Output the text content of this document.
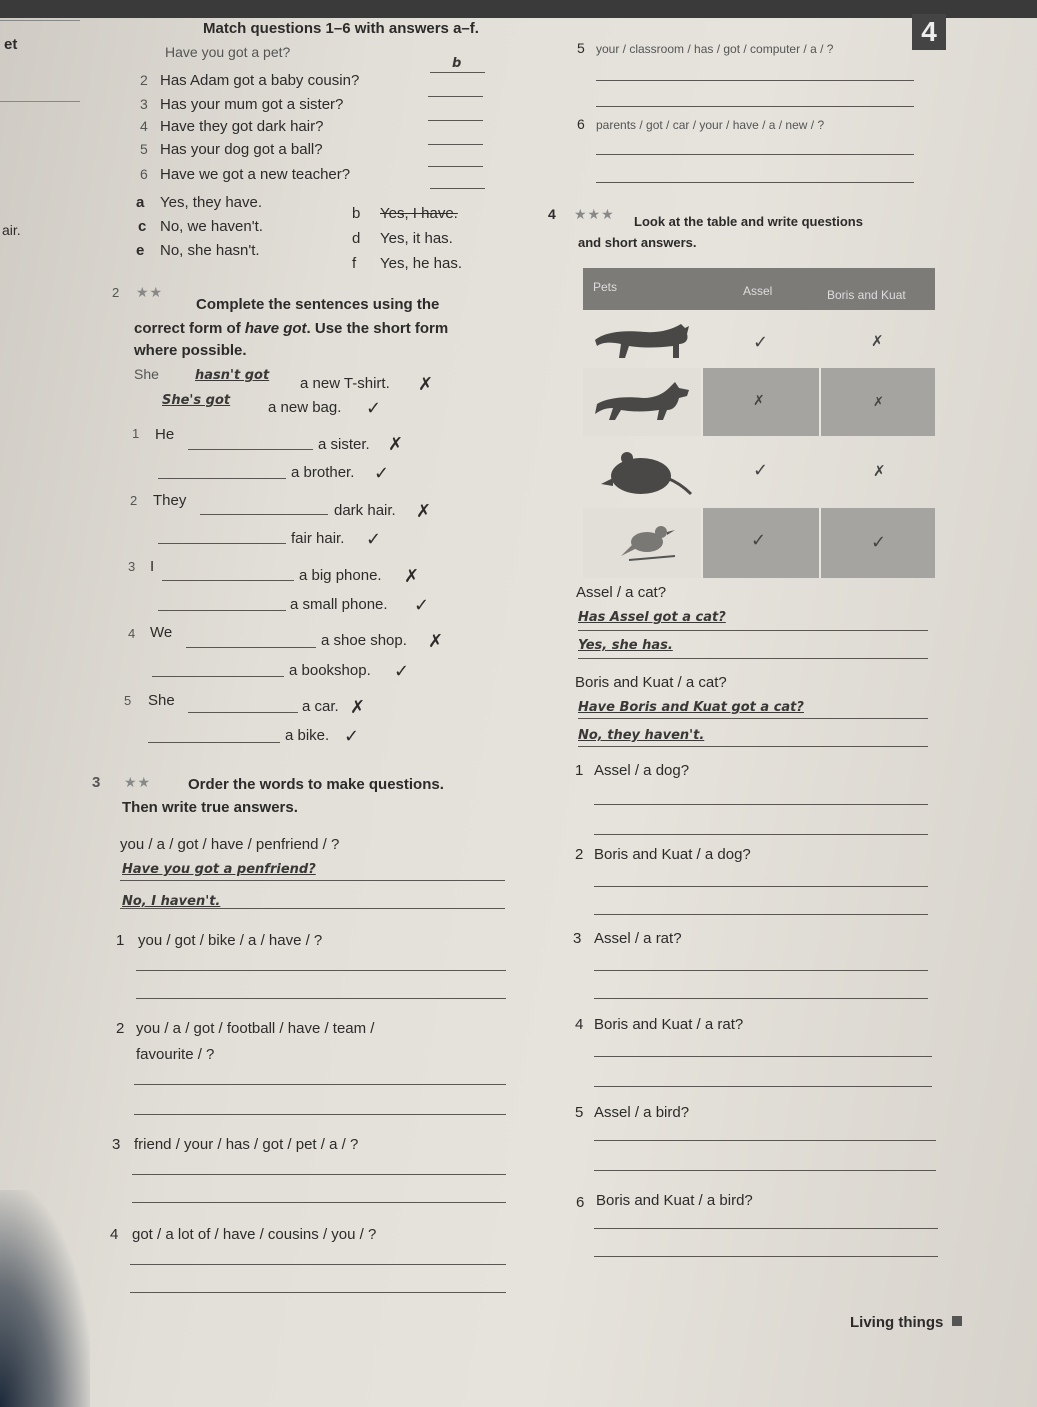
4
et
air.
Match questions 1–6 with answers a–f.
Have you got a pet?
b
2 Has Adam got a baby cousin?
3 Has your mum got a sister?
4 Have they got dark hair?
5 Has your dog got a ball?
6 Have we got a new teacher?
a Yes, they have.
b Yes, I have.
c No, we haven't.
d Yes, it has.
e No, she hasn't.
f Yes, he has.
5 your / classroom / has / got / computer / a / ?
6 parents / got / car / your / have / a / new / ?
2 ★★
Complete the sentences using the
correct form of have got. Use the short form
where possible.
She	hasn't got a new T-shirt. ✗
She's got	a new bag. ✓
1 He
a sister. ✗
a brother. ✓
2 They
dark hair. ✗
fair hair. ✓
3 I
a big phone. ✗
a small phone. ✓
4 We	a shoe shop. ✗
a bookshop. ✓
5 She	a car. ✗
a bike. ✓
3 ★★ Order the words to make questions.
Then write true answers.
you / a / got / have / penfriend / ?
Have you got a penfriend?
No, I haven't.
1 you / got / bike / a / have / ?
2 you / a / got / football / have / team /
favourite / ?
3 friend / your / has / got / pet / a / ?
4 got / a lot of / have / cousins / you / ?
4 ★★★ Look at the table and write questions
and short answers.
Pets	Assel	Boris and Kuat
✓	✗
✗	✗
✓	✗
✓	✓
Assel / a cat?
Has Assel got a cat?
Yes, she has.
Boris and Kuat / a cat?
Have Boris and Kuat got a cat?
No, they haven't.
1 Assel / a dog?
2 Boris and Kuat / a dog?
3 Assel / a rat?
4 Boris and Kuat / a rat?
5 Assel / a bird?
6 Boris and Kuat / a bird?
Living things
